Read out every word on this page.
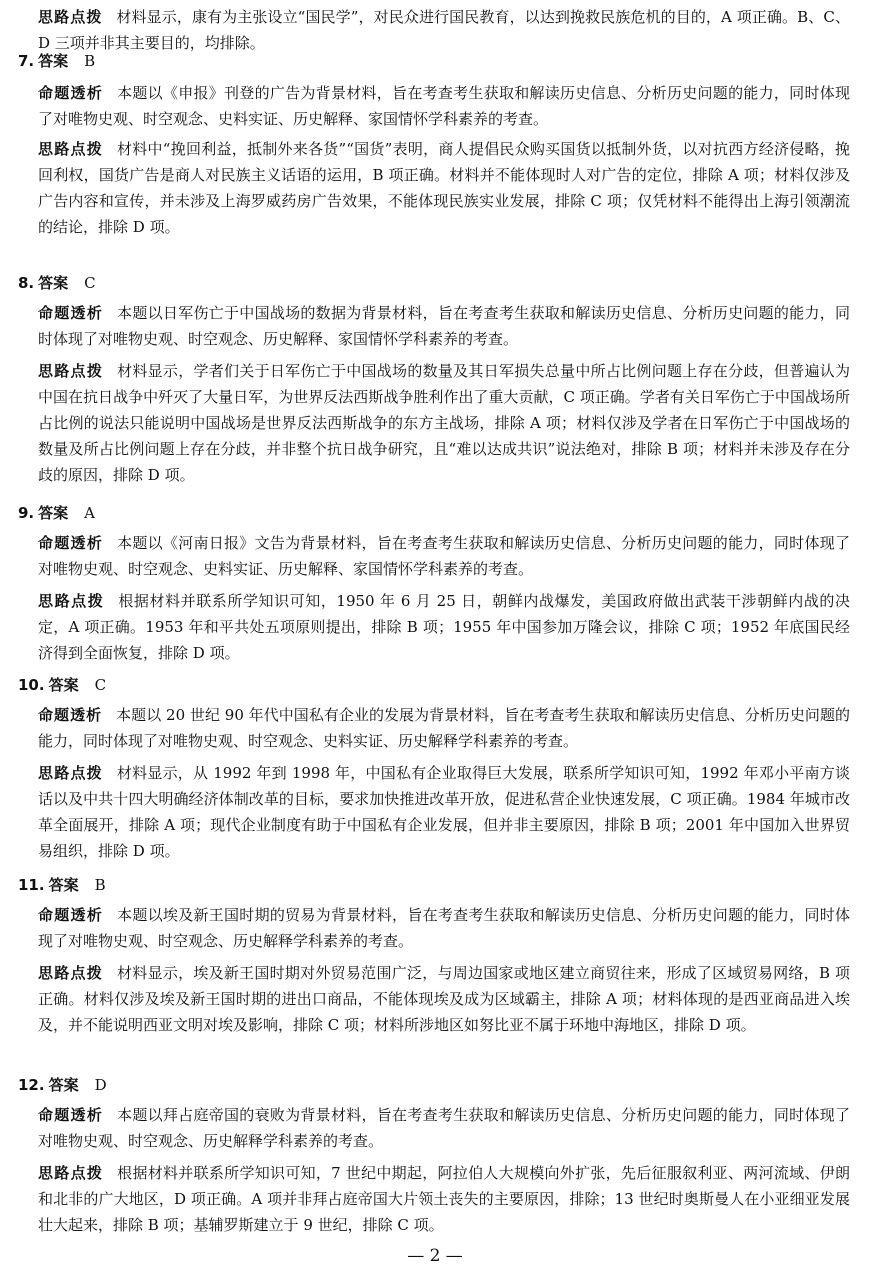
思路点拨 材料显示，康有为主张设立“国民学”，对民众进行国民教育，以达到挽救民族危机的目的，A 项正确。B、C、D 三项并非其主要目的，均排除。
7. 答案 B
命题透析 本题以《申报》刊登的广告为背景材料，旨在考查考生获取和解读历史信息、分析历史问题的能力，同时体现了对唯物史观、时空观念、史料实证、历史解释、家国情怀学科素养的考查。
思路点拨 材料中“挽回利益，抵制外来各货”“国货”表明，商人提倡民众购买国货以抵制外货，以对抗西方经济侵略，挽回利权，国货广告是商人对民族主义话语的运用，B 项正确。材料并不能体现时人对广告的定位，排除 A 项；材料仅涉及广告内容和宣传，并未涉及上海罗威药房广告效果，不能体现民族实业发展，排除 C 项；仅凭材料不能得出上海引领潮流的结论，排除 D 项。
8. 答案 C
命题透析 本题以日军伤亡于中国战场的数据为背景材料，旨在考查考生获取和解读历史信息、分析历史问题的能力，同时体现了对唯物史观、时空观念、历史解释、家国情怀学科素养的考查。
思路点拨 材料显示，学者们关于日军伤亡于中国战场的数量及其日军损失总量中所占比例问题上存在分歧，但普遍认为中国在抗日战争中歼灭了大量日军，为世界反法西斯战争胜利作出了重大贡献，C 项正确。学者有关日军伤亡于中国战场所占比例的说法只能说明中国战场是世界反法西斯战争的东方主战场，排除 A 项；材料仅涉及学者在日军伤亡于中国战场的数量及所占比例问题上存在分歧，并非整个抗日战争研究，且“难以达成共识”说法绝对，排除 B 项；材料并未涉及存在分歧的原因，排除 D 项。
9. 答案 A
命题透析 本题以《河南日报》文告为背景材料，旨在考查考生获取和解读历史信息、分析历史问题的能力，同时体现了对唯物史观、时空观念、史料实证、历史解释、家国情怀学科素养的考查。
思路点拨 根据材料并联系所学知识可知，1950 年 6 月 25 日，朝鲜内战爆发，美国政府做出武装干涉朝鲜内战的决定，A 项正确。1953 年和平共处五项原则提出，排除 B 项；1955 年中国参加万隆会议，排除 C 项；1952 年底国民经济得到全面恢复，排除 D 项。
10. 答案 C
命题透析 本题以 20 世纪 90 年代中国私有企业的发展为背景材料，旨在考查考生获取和解读历史信息、分析历史问题的能力，同时体现了对唯物史观、时空观念、史料实证、历史解释学科素养的考查。
思路点拨 材料显示，从 1992 年到 1998 年，中国私有企业取得巨大发展，联系所学知识可知，1992 年邓小平南方谈话以及中共十四大明确经济体制改革的目标，要求加快推进改革开放，促进私营企业快速发展，C 项正确。1984 年城市改革全面展开，排除 A 项；现代企业制度有助于中国私有企业发展，但并非主要原因，排除 B 项；2001 年中国加入世界贸易组织，排除 D 项。
11. 答案 B
命题透析 本题以埃及新王国时期的贸易为背景材料，旨在考查考生获取和解读历史信息、分析历史问题的能力，同时体现了对唯物史观、时空观念、历史解释学科素养的考查。
思路点拨 材料显示，埃及新王国时期对外贸易范围广泛，与周边国家或地区建立商贸往来，形成了区域贸易网络，B 项正确。材料仅涉及埃及新王国时期的进出口商品，不能体现埃及成为区域霸主，排除 A 项；材料体现的是西亚商品进入埃及，并不能说明西亚文明对埃及影响，排除 C 项；材料所涉地区如努比亚不属于环地中海地区，排除 D 项。
12. 答案 D
命题透析 本题以拜占庭帝国的衰败为背景材料，旨在考查考生获取和解读历史信息、分析历史问题的能力，同时体现了对唯物史观、时空观念、历史解释学科素养的考查。
思路点拨 根据材料并联系所学知识可知，7 世纪中期起，阿拉伯人大规模向外扩张，先后征服叙利亚、两河流域、伊朗和北非的广大地区，D 项正确。A 项并非拜占庭帝国大片领土丧失的主要原因，排除；13 世纪时奥斯曼人在小亚细亚发展壮大起来，排除 B 项；基辅罗斯建立于 9 世纪，排除 C 项。
— 2 —
